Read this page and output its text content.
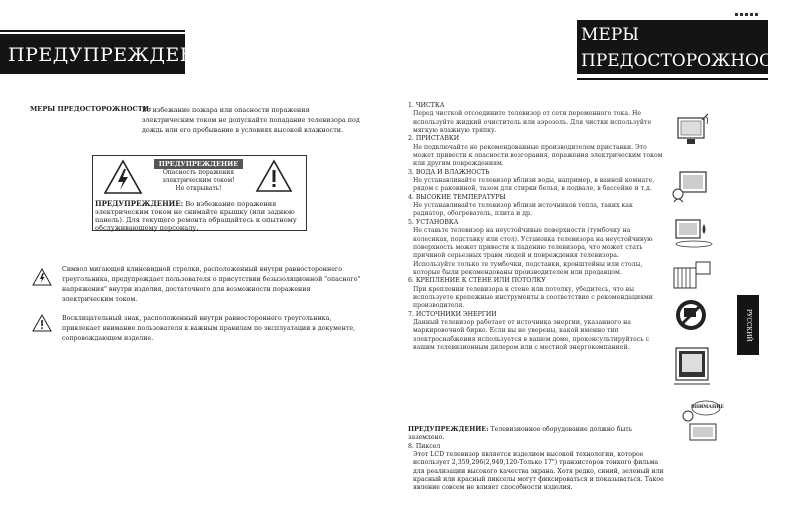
ПРЕДУПРЕЖДЕНИЕ
МЕРЫ ПРЕДОСТОРОЖНОСТИ:
Во избежание пожара или опасности поражения электрическим током не допускайте попадание телевизора под дождь или его пребывание в условиях высокой влажности.
ПРЕДУПРЕЖДЕНИЕ
Опасность поражения
электрическим током!
Не открывать!
ПРЕДУПРЕЖДЕНИЕ: Во избежание поражения электрическим током не снимайте крышку (или заднюю панель). Для текущего ремонта обращайтесь к опытному обслуживающему персоналу.
Символ мигающей клиновидной стрелки, расположенный внутри равностороннего треугольника, предупреждает пользователя о присутствии безызоляционной "опасного" напряжения" внутри изделия, достаточного для возможности поражения электрическим током.
Восклицательный знак, расположенный внутри равностороннего треугольника, привлекает внимание пользователя к важным правилам по эксплуатации в документе, сопровождающем изделие.
МЕРЫ
ПРЕДОСТОРОЖНОСТИ
1. ЧИСТКА
Перед чисткой отсоедините телевизор от сети переменного тока. Не используйте жидкий очиститель или аэрозоль. Для чистки используйте мягкую влажную тряпку.
2. ПРИСТАВКИ
Не подключайте не рекомендованные производителем приставки. Это может привести к опасности возгорания, поражения электрическим током или другим повреждениям.
3. ВОДА И ВЛАЖНОСТЬ
Не устанавливайте телевизор вблизи воды, например, в ванной комнате, рядом с раковиной, тазом для стирки белья, в подвале, в бассейне и т.д.
4. ВЫСОКИЕ ТЕМПЕРАТУРЫ
Не устанавливайте телевизор вблизи источников тепла, таких как радиатор, обогреватель, плита и др.
5. УСТАНОВКА
Не ставьте телевизор на неустойчивые поверхности (тумбочку на колесиках, подставку или стол). Установка телевизора на неустойчивую поверхность может привести к падению телевизора, что может стать причиной серьезных травм людей и повреждения телевизора. Используйте только те тумбочки, подставки, кронштейны или столы, которые были рекомендованы производителем или продавцом.
6. КРЕПЛЕНИЕ К СТЕНЕ ИЛИ ПОТОЛКУ
При креплении телевизора к стене или потолку, убедитесь, что вы используете крепежные инструменты в соответствие с рекомендациями производителя.
7. ИСТОЧНИКИ ЭНЕРГИИ
Данный телевизор работает от источника энергии, указанного на маркировочной бирке. Если вы не уверены, какой именно тип электроснабжения используется в вашем доме, проконсультируйтесь с вашим телевизионным дилером или с местной энергокомпанией.
ПРЕДУПРЕЖДЕНИЕ: Телевизионное оборудование должно быть заземлено.
8. Пиксел
Этот LCD телевизор является изделием высокой технологии, которое использует 2,359,296(2,949,120-Только 17") транзисторов тонкого фильма для реализации высокого качества экрана. Хотя редко, синий, зеленый или красный или красный пикселы могут фиксироваться и показываться. Такое явление совсем не влияет способности изделия.
ВНИМАНИЕ
РУССКИЙ
